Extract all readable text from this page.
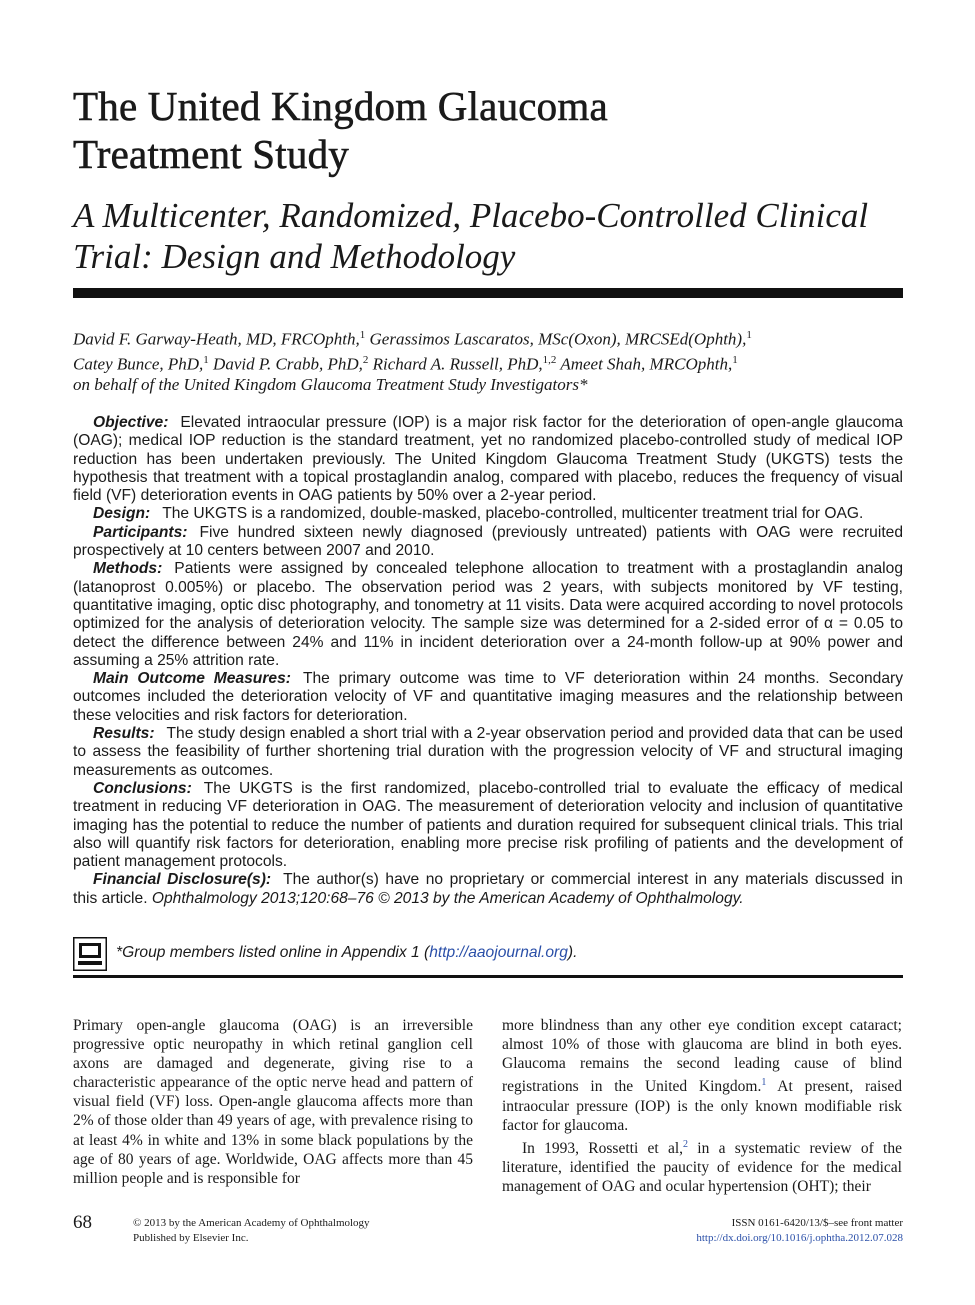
The United Kingdom Glaucoma
Treatment Study
A Multicenter, Randomized, Placebo-Controlled Clinical
Trial: Design and Methodology
David F. Garway-Heath, MD, FRCOphth,$^1$ Gerassimos Lascaratos, MSc(Oxon), MRCSEd(Ophth),$^1$
Catey Bunce, PhD,$^1$ David P. Crabb, PhD,$^2$ Richard A. Russell, PhD,$^{1,2}$ Ameet Shah, MRCOphth,$^1$
on behalf of the United Kingdom Glaucoma Treatment Study Investigators*

Objective: Elevated intraocular pressure (IOP) is a major risk factor for the deterioration of open-angle glaucoma (OAG); medical IOP reduction is the standard treatment, yet no randomized placebo-controlled study of medical IOP reduction has been undertaken previously. The United Kingdom Glaucoma Treatment Study (UKGTS) tests the hypothesis that treatment with a topical prostaglandin analog, compared with placebo, reduces the frequency of visual field (VF) deterioration events in OAG patients by 50% over a 2-year period.

Design: The UKGTS is a randomized, double-masked, placebo-controlled, multicenter treatment trial for OAG.

Participants: Five hundred sixteen newly diagnosed (previously untreated) patients with OAG were recruited prospectively at 10 centers between 2007 and 2010.

Methods: Patients were assigned by concealed telephone allocation to treatment with a prostaglandin analog (latanoprost 0.005%) or placebo. The observation period was 2 years, with subjects monitored by VF testing, quantitative imaging, optic disc photography, and tonometry at 11 visits. Data were acquired according to novel protocols optimized for the analysis of deterioration velocity. The sample size was determined for a 2-sided error of α = 0.05 to detect the difference between 24% and 11% in incident deterioration over a 24-month follow-up at 90% power and assuming a 25% attrition rate.

Main Outcome Measures: The primary outcome was time to VF deterioration within 24 months. Secondary outcomes included the deterioration velocity of VF and quantitative imaging measures and the relationship between these velocities and risk factors for deterioration.

Results: The study design enabled a short trial with a 2-year observation period and provided data that can be used to assess the feasibility of further shortening trial duration with the progression velocity of VF and structural imaging measurements as outcomes.

Conclusions: The UKGTS is the first randomized, placebo-controlled trial to evaluate the efficacy of medical treatment in reducing VF deterioration in OAG. The measurement of deterioration velocity and inclusion of quantitative imaging has the potential to reduce the number of patients and duration required for subsequent clinical trials. This trial also will quantify risk factors for deterioration, enabling more precise risk profiling of patients and the development of patient management protocols.

Financial Disclosure(s): The author(s) have no proprietary or commercial interest in any materials discussed in this article. Ophthalmology 2013;120:68–76 © 2013 by the American Academy of Ophthalmology.

*Group members listed online in Appendix 1 (http://aaojournal.org).

Primary open-angle glaucoma (OAG) is an irreversible progressive optic neuropathy in which retinal ganglion cell axons are damaged and degenerate, giving rise to a characteristic appearance of the optic nerve head and pattern of visual field (VF) loss. Open-angle glaucoma affects more than 2% of those older than 49 years of age, with prevalence rising to at least 4% in white and 13% in some black populations by the age of 80 years of age. Worldwide, OAG affects more than 45 million people and is responsible for

more blindness than any other eye condition except cataract; almost 10% of those with glaucoma are blind in both eyes. Glaucoma remains the second leading cause of blind registrations in the United Kingdom.$^1$ At present, raised intraocular pressure (IOP) is the only known modifiable risk factor for glaucoma.

In 1993, Rossetti et al,$^2$ in a systematic review of the literature, identified the paucity of evidence for the medical management of OAG and ocular hypertension (OHT); their

68	© 2013 by the American Academy of Ophthalmology
Published by Elsevier Inc.
ISSN 0161-6420/13/$–see front matter
http://dx.doi.org/10.1016/j.ophtha.2012.07.028
